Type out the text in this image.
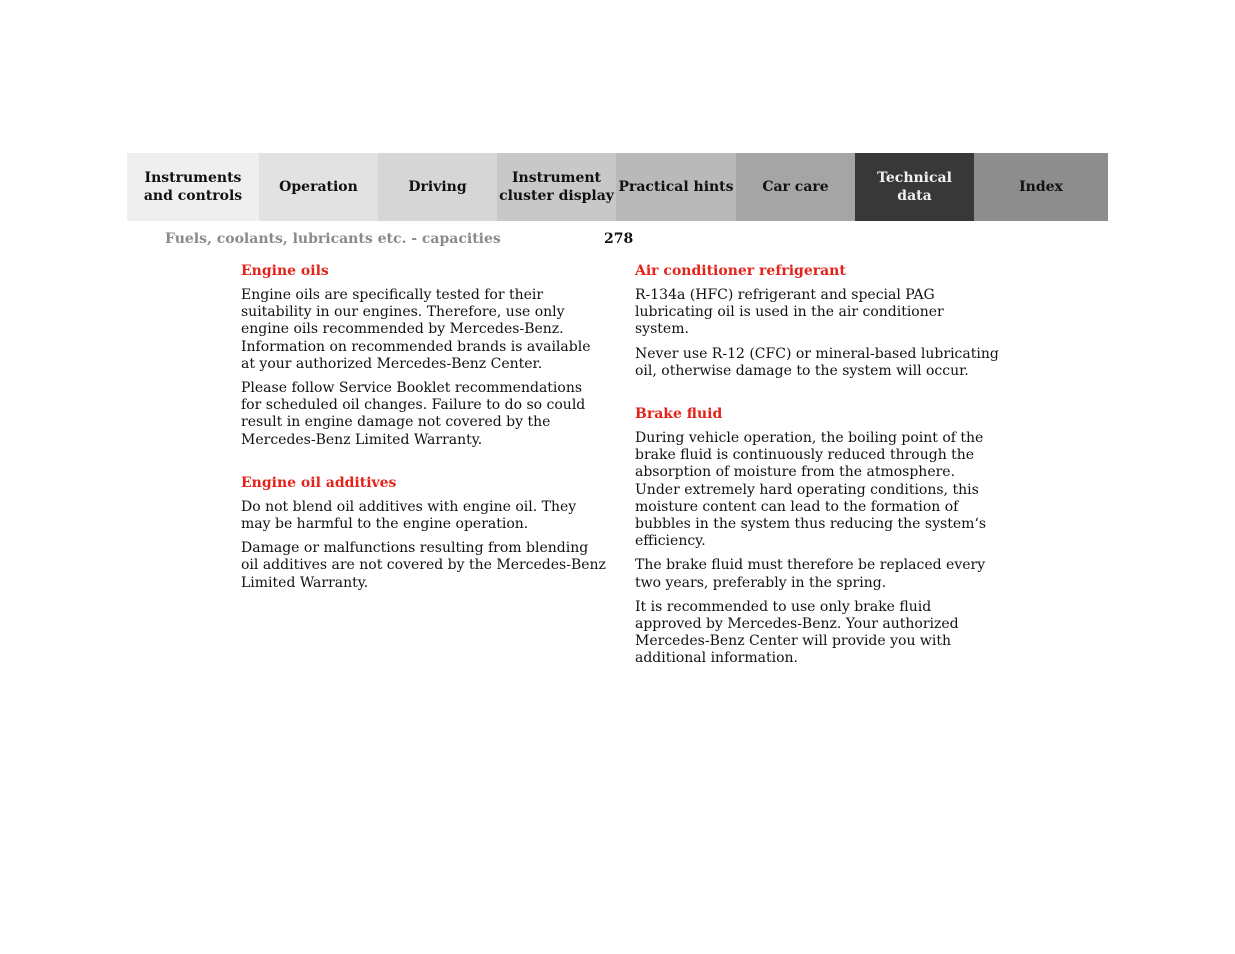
Instruments
and controls
Operation	Driving
Instrument
cluster display
Practical hints	Car care
Technical
data
Index
Fuels, coolants, lubricants etc. - capacities	278
Engine oils

Engine oils are specifically tested for their suitability in our engines. Therefore, use only engine oils recommended by Mercedes-Benz. Information on recommended brands is available at your authorized Mercedes-Benz Center.

Please follow Service Booklet recommendations for scheduled oil changes. Failure to do so could result in engine damage not covered by the Mercedes-Benz Limited Warranty.

Engine oil additives

Do not blend oil additives with engine oil. They may be harmful to the engine operation.

Damage or malfunctions resulting from blending oil additives are not covered by the Mercedes-Benz Limited Warranty.

Air conditioner refrigerant

R-134a (HFC) refrigerant and special PAG lubricating oil is used in the air conditioner system.

Never use R-12 (CFC) or mineral-based lubricating oil, otherwise damage to the system will occur.

Brake fluid

During vehicle operation, the boiling point of the brake fluid is continuously reduced through the absorption of moisture from the atmosphere. Under extremely hard operating conditions, this moisture content can lead to the formation of bubbles in the system thus reducing the system‘s efficiency.

The brake fluid must therefore be replaced every two years, preferably in the spring.

It is recommended to use only brake fluid approved by Mercedes-Benz. Your authorized Mercedes-Benz Center will provide you with additional information.
